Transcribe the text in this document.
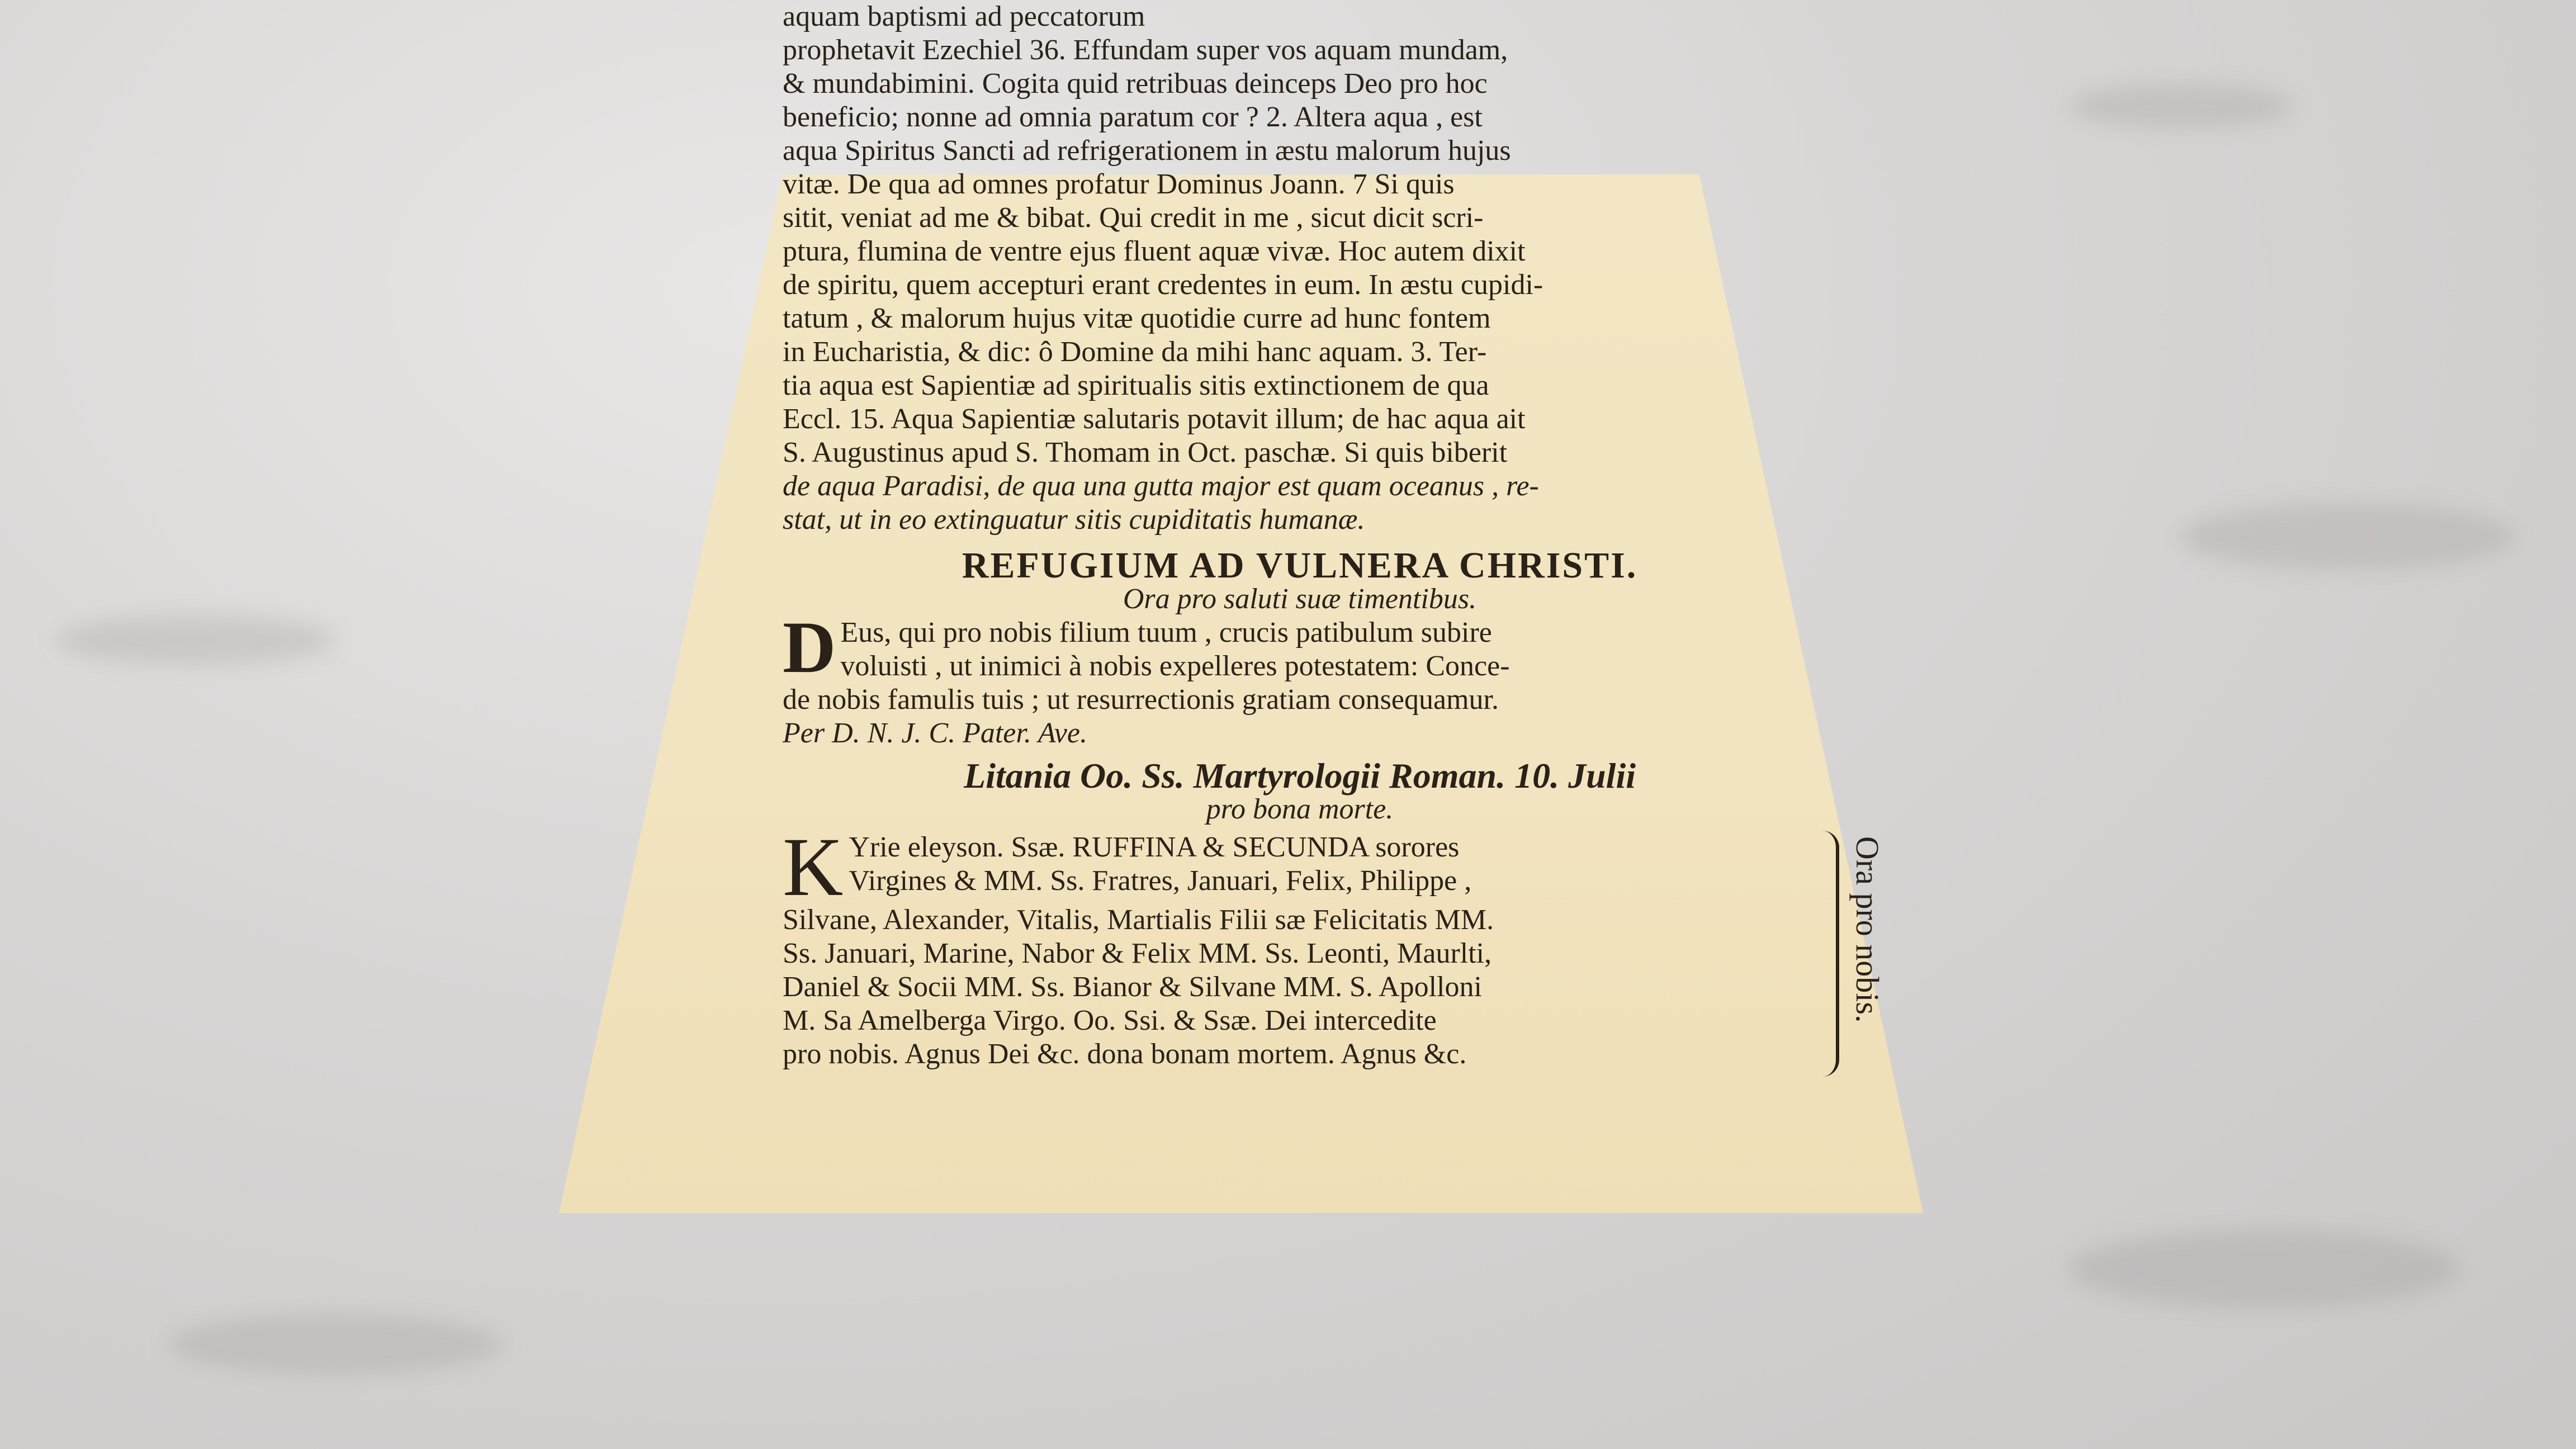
aquam baptismi ad peccatorum
prophetavit Ezechiel 36. Effundam super vos aquam mundam,
& mundabimini. Cogita quid retribuas deinceps Deo pro hoc
beneficio; nonne ad omnia paratum cor ? 2. Altera aqua , est
aqua Spiritus Sancti ad refrigerationem in æstu malorum hujus
vitæ. De qua ad omnes profatur Dominus Joann. 7 Si quis
sitit, veniat ad me & bibat. Qui credit in me , sicut dicit scri-
ptura, flumina de ventre ejus fluent aquæ vivæ. Hoc autem dixit
de spiritu, quem accepturi erant credentes in eum. In æstu cupidi-
tatum , & malorum hujus vitæ quotidie curre ad hunc fontem
in Eucharistia, & dic: ô Domine da mihi hanc aquam. 3. Ter-
tia aqua est Sapientiæ ad spiritualis sitis extinctionem de qua
Eccl. 15. Aqua Sapientiæ salutaris potavit illum; de hac aqua ait
S. Augustinus apud S. Thomam in Oct. paschæ. Si quis biberit
de aqua Paradisi, de qua una gutta major est quam oceanus , re-
stat, ut in eo extinguatur sitis cupiditatis humanæ.
REFUGIUM AD VULNERA CHRISTI.
Ora pro saluti suæ timentibus.
D Eus, qui pro nobis filium tuum , crucis patibulum subire
voluisti , ut inimici à nobis expelleres potestatem: Conce-
de nobis famulis tuis ; ut resurrectionis gratiam consequamur.
Per D. N. J. C. Pater. Ave.
Litania Oo. Ss. Martyrologii Roman. 10. Julii
pro bona morte.
K Yrie eleyson. Ssæ. RUFFINA & SECUNDA sorores
Virgines & MM. Ss. Fratres, Januari, Felix, Philippe ,
Silvane, Alexander, Vitalis, Martialis Filii sæ Felicitatis MM.
Ss. Januari, Marine, Nabor & Felix MM. Ss. Leonti, Maurlti,
Daniel & Socii MM. Ss. Bianor & Silvane MM. S. Apolloni
M. Sa Amelberga Virgo. Oo. Ssi. & Ssæ. Dei intercedite
pro nobis. Agnus Dei &c. dona bonam mortem. Agnus &c.
Ora pro nobis.
